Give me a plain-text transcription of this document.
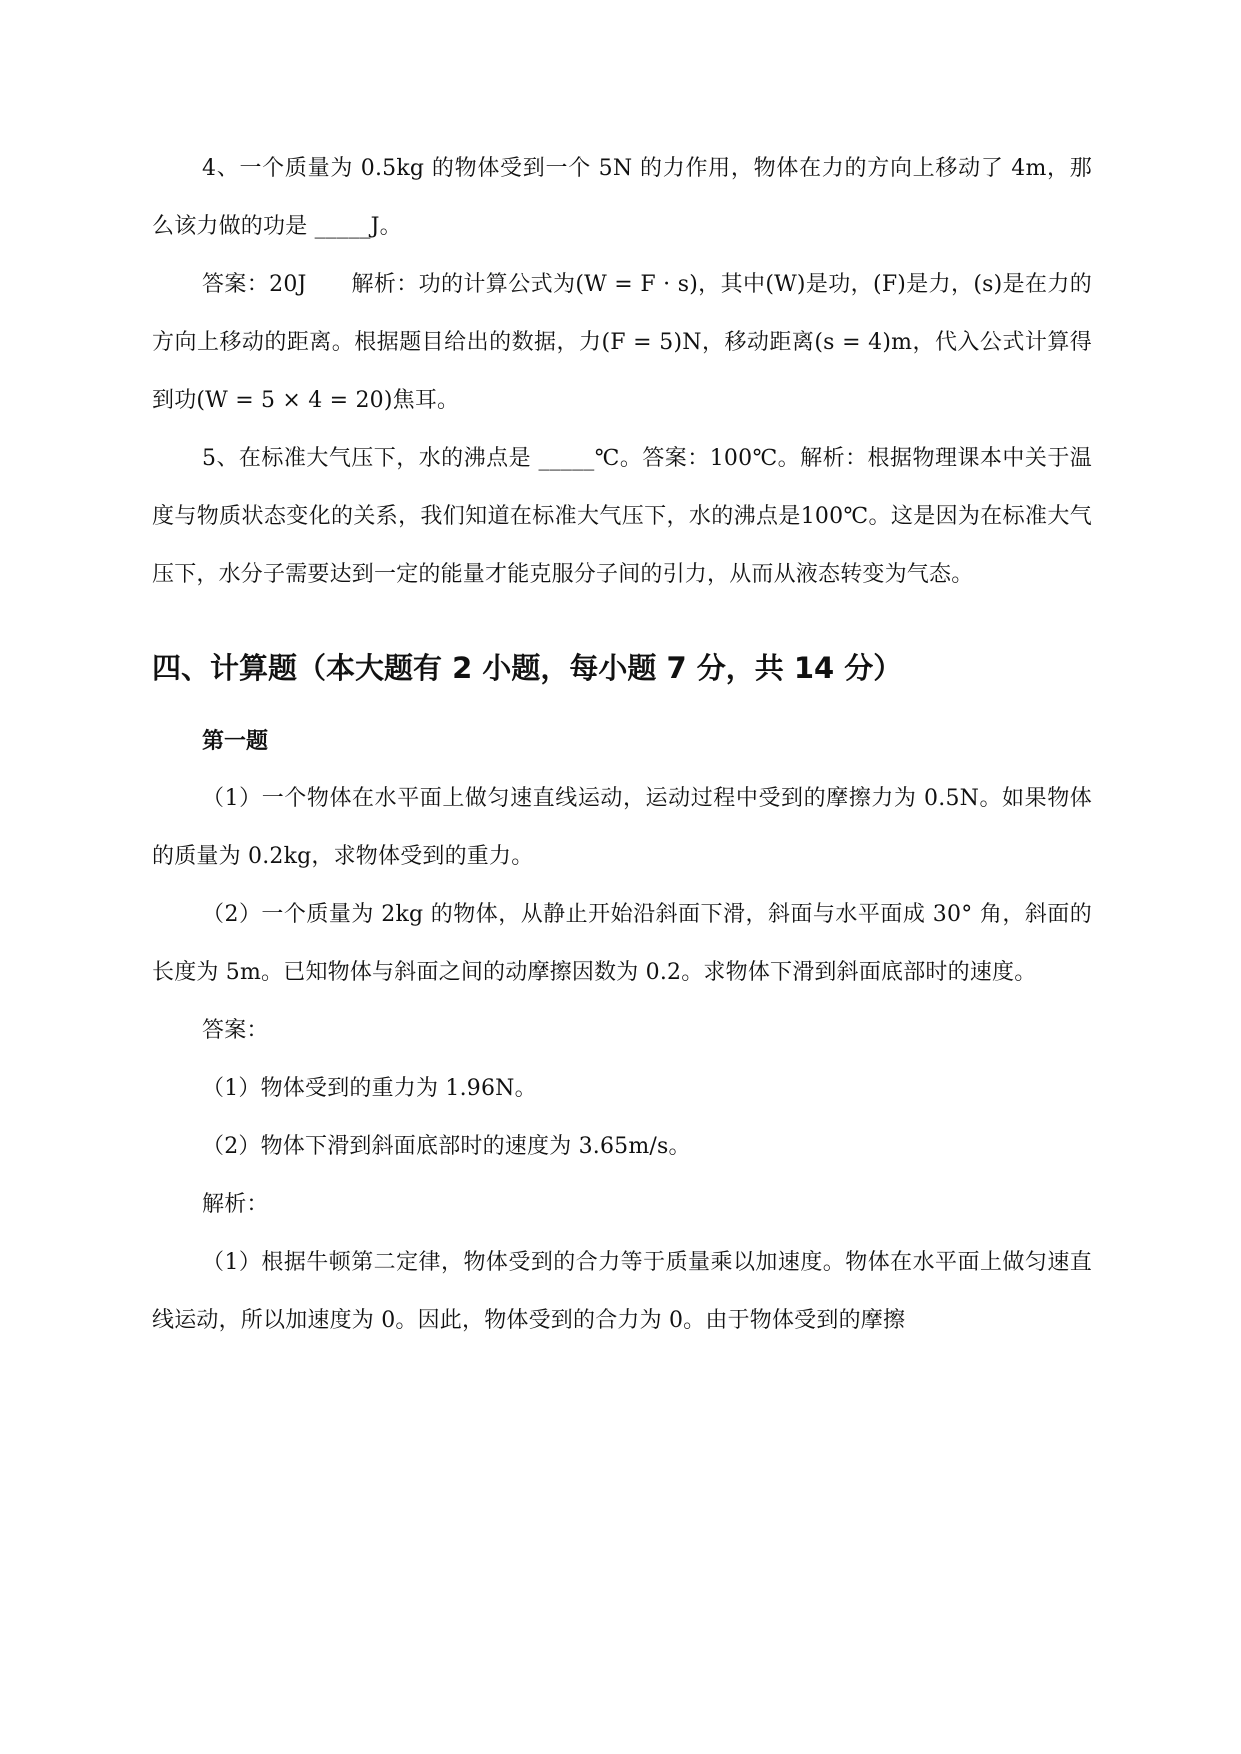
4、一个质量为 0.5kg 的物体受到一个 5N 的力作用，物体在力的方向上移动了 4m，那么该力做的功是 _____J。

答案：20J　　解析：功的计算公式为(W = F · s)，其中(W)是功，(F)是力，(s)是在力的方向上移动的距离。根据题目给出的数据，力(F = 5)N，移动距离(s = 4)m，代入公式计算得到功(W = 5 × 4 = 20)焦耳。

5、在标准大气压下，水的沸点是 _____℃。答案：100℃。解析：根据物理课本中关于温度与物质状态变化的关系，我们知道在标准大气压下，水的沸点是100℃。这是因为在标准大气压下，水分子需要达到一定的能量才能克服分子间的引力，从而从液态转变为气态。

四、计算题（本大题有 2 小题，每小题 7 分，共 14 分）
第一题

（1）一个物体在水平面上做匀速直线运动，运动过程中受到的摩擦力为 0.5N。如果物体的质量为 0.2kg，求物体受到的重力。

（2）一个质量为 2kg 的物体，从静止开始沿斜面下滑，斜面与水平面成 30° 角，斜面的长度为 5m。已知物体与斜面之间的动摩擦因数为 0.2。求物体下滑到斜面底部时的速度。

答案：

（1）物体受到的重力为 1.96N。

（2）物体下滑到斜面底部时的速度为 3.65m/s。

解析：

（1）根据牛顿第二定律，物体受到的合力等于质量乘以加速度。物体在水平面上做匀速直线运动，所以加速度为 0。因此，物体受到的合力为 0。由于物体受到的摩擦
